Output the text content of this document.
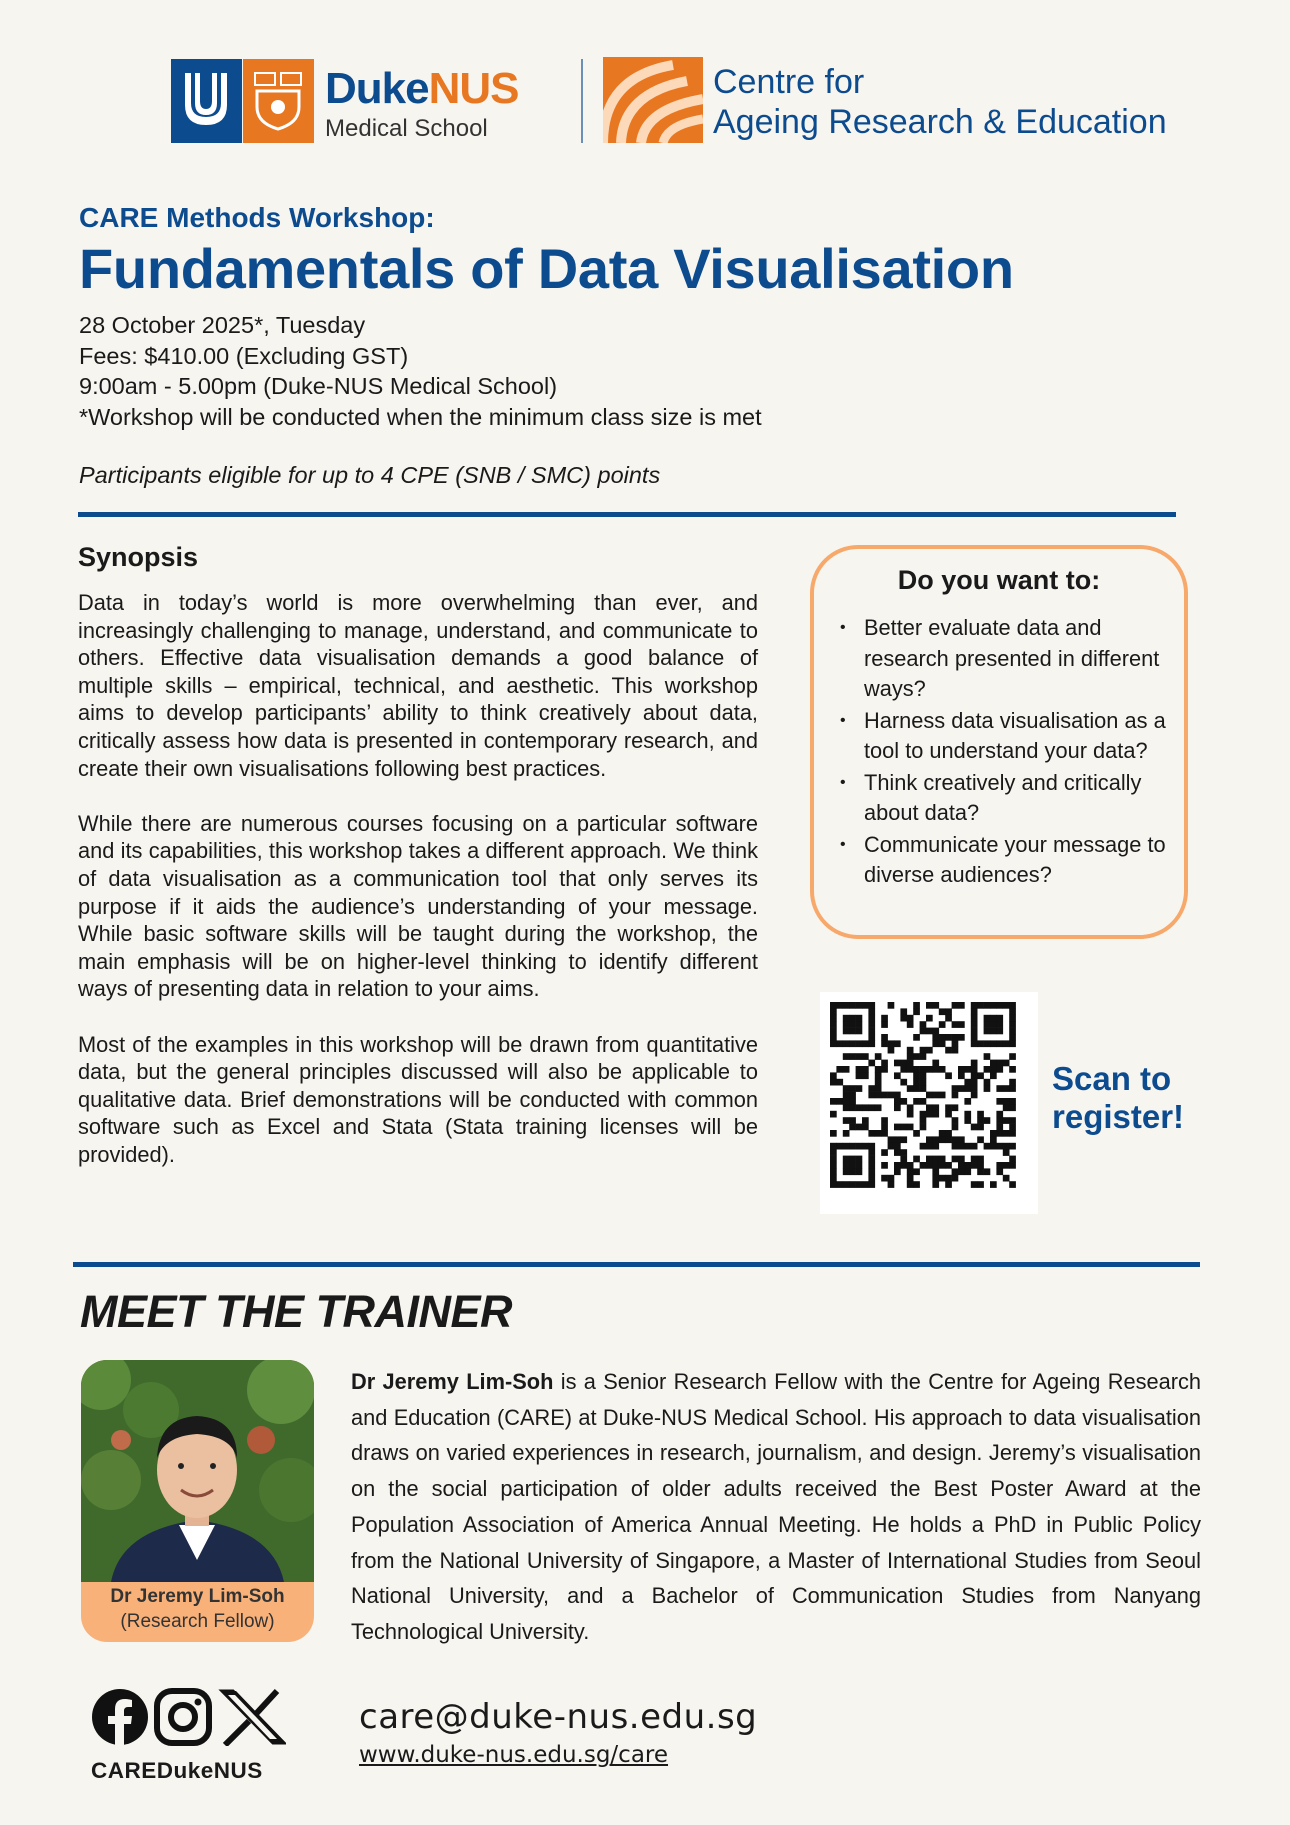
DukeNUS
Medical School
Centre for
Ageing Research & Education
CARE Methods Workshop:
Fundamentals of Data Visualisation
28 October 2025*, Tuesday
Fees: $410.00 (Excluding GST)
9:00am - 5.00pm (Duke-NUS Medical School)
*Workshop will be conducted when the minimum class size is met
Participants eligible for up to 4 CPE (SNB / SMC) points
Synopsis

Data in today’s world is more overwhelming than ever, and increasingly challenging to manage, understand, and communicate to others. Effective data visualisation demands a good balance of multiple skills – empirical, technical, and aesthetic. This workshop aims to develop participants’ ability to think creatively about data, critically assess how data is presented in contemporary research, and create their own visualisations following best practices.

While there are numerous courses focusing on a particular software and its capabilities, this workshop takes a different approach. We think of data visualisation as a communication tool that only serves its purpose if it aids the audience’s understanding of your message. While basic software skills will be taught during the workshop, the main emphasis will be on higher-level thinking to identify different ways of presenting data in relation to your aims.

Most of the examples in this workshop will be drawn from quantitative data, but the general principles discussed will also be applicable to qualitative data. Brief demonstrations will be conducted with common software such as Excel and Stata (Stata training licenses will be provided).

Do you want to:
• Better evaluate data and research presented in different ways?
• Harness data visualisation as a tool to understand your data?
• Think creatively and critically about data?
• Communicate your message to diverse audiences?
Scan to
register!
MEET THE TRAINER
Dr Jeremy Lim-Soh
(Research Fellow)
Dr Jeremy Lim-Soh is a Senior Research Fellow with the Centre for Ageing Research and Education (CARE) at Duke-NUS Medical School. His approach to data visualisation draws on varied experiences in research, journalism, and design. Jeremy’s visualisation on the social participation of older adults received the Best Poster Award at the Population Association of America Annual Meeting. He holds a PhD in Public Policy from the National University of Singapore, a Master of International Studies from Seoul National University, and a Bachelor of Communication Studies from Nanyang Technological University.
CAREDukeNUS
care@duke-nus.edu.sg
www.duke-nus.edu.sg/care
